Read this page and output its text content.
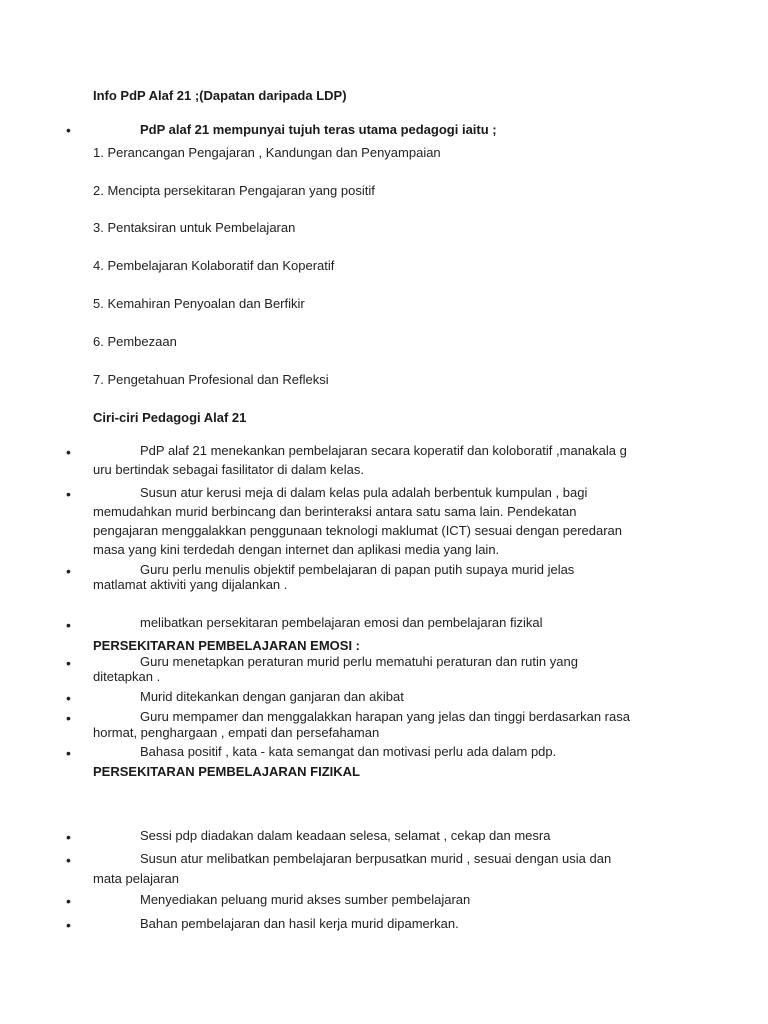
Info PdP Alaf 21 ;(Dapatan daripada LDP)
•	PdP alaf 21 mempunyai tujuh teras utama pedagogi iaitu ;
1. Perancangan Pengajaran , Kandungan dan Penyampaian
2. Mencipta persekitaran Pengajaran yang positif
3. Pentaksiran untuk Pembelajaran
4. Pembelajaran Kolaboratif dan Koperatif
5. Kemahiran Penyoalan dan Berfikir
6. Pembezaan
7. Pengetahuan Profesional dan Refleksi
Ciri-ciri Pedagogi Alaf 21
•	PdP alaf 21 menekankan pembelajaran secara koperatif dan koloboratif ,manakala g
uru bertindak sebagai fasilitator di dalam kelas.
•	Susun atur kerusi meja di dalam kelas pula adalah berbentuk kumpulan , bagi
memudahkan murid berbincang dan berinteraksi antara satu sama lain. Pendekatan
pengajaran menggalakkan penggunaan teknologi maklumat (ICT) sesuai dengan peredaran
masa yang kini terdedah dengan internet dan aplikasi media yang lain.
•	Guru perlu menulis objektif pembelajaran di papan putih supaya murid jelas
matlamat aktiviti yang dijalankan .
•	melibatkan persekitaran pembelajaran emosi dan pembelajaran fizikal
PERSEKITARAN PEMBELAJARAN EMOSI :
•	Guru menetapkan peraturan murid perlu mematuhi peraturan dan rutin yang
ditetapkan .
•	Murid ditekankan dengan ganjaran dan akibat
•	Guru mempamer dan menggalakkan harapan yang jelas dan tinggi berdasarkan rasa
hormat, penghargaan , empati dan persefahaman
•	Bahasa positif , kata - kata semangat dan motivasi perlu ada dalam pdp.
PERSEKITARAN PEMBELAJARAN FIZIKAL
•	Sessi pdp diadakan dalam keadaan selesa, selamat , cekap dan mesra
•	Susun atur melibatkan pembelajaran berpusatkan murid , sesuai dengan usia dan
mata pelajaran
•	Menyediakan peluang murid akses sumber pembelajaran
•	Bahan pembelajaran dan hasil kerja murid dipamerkan.
